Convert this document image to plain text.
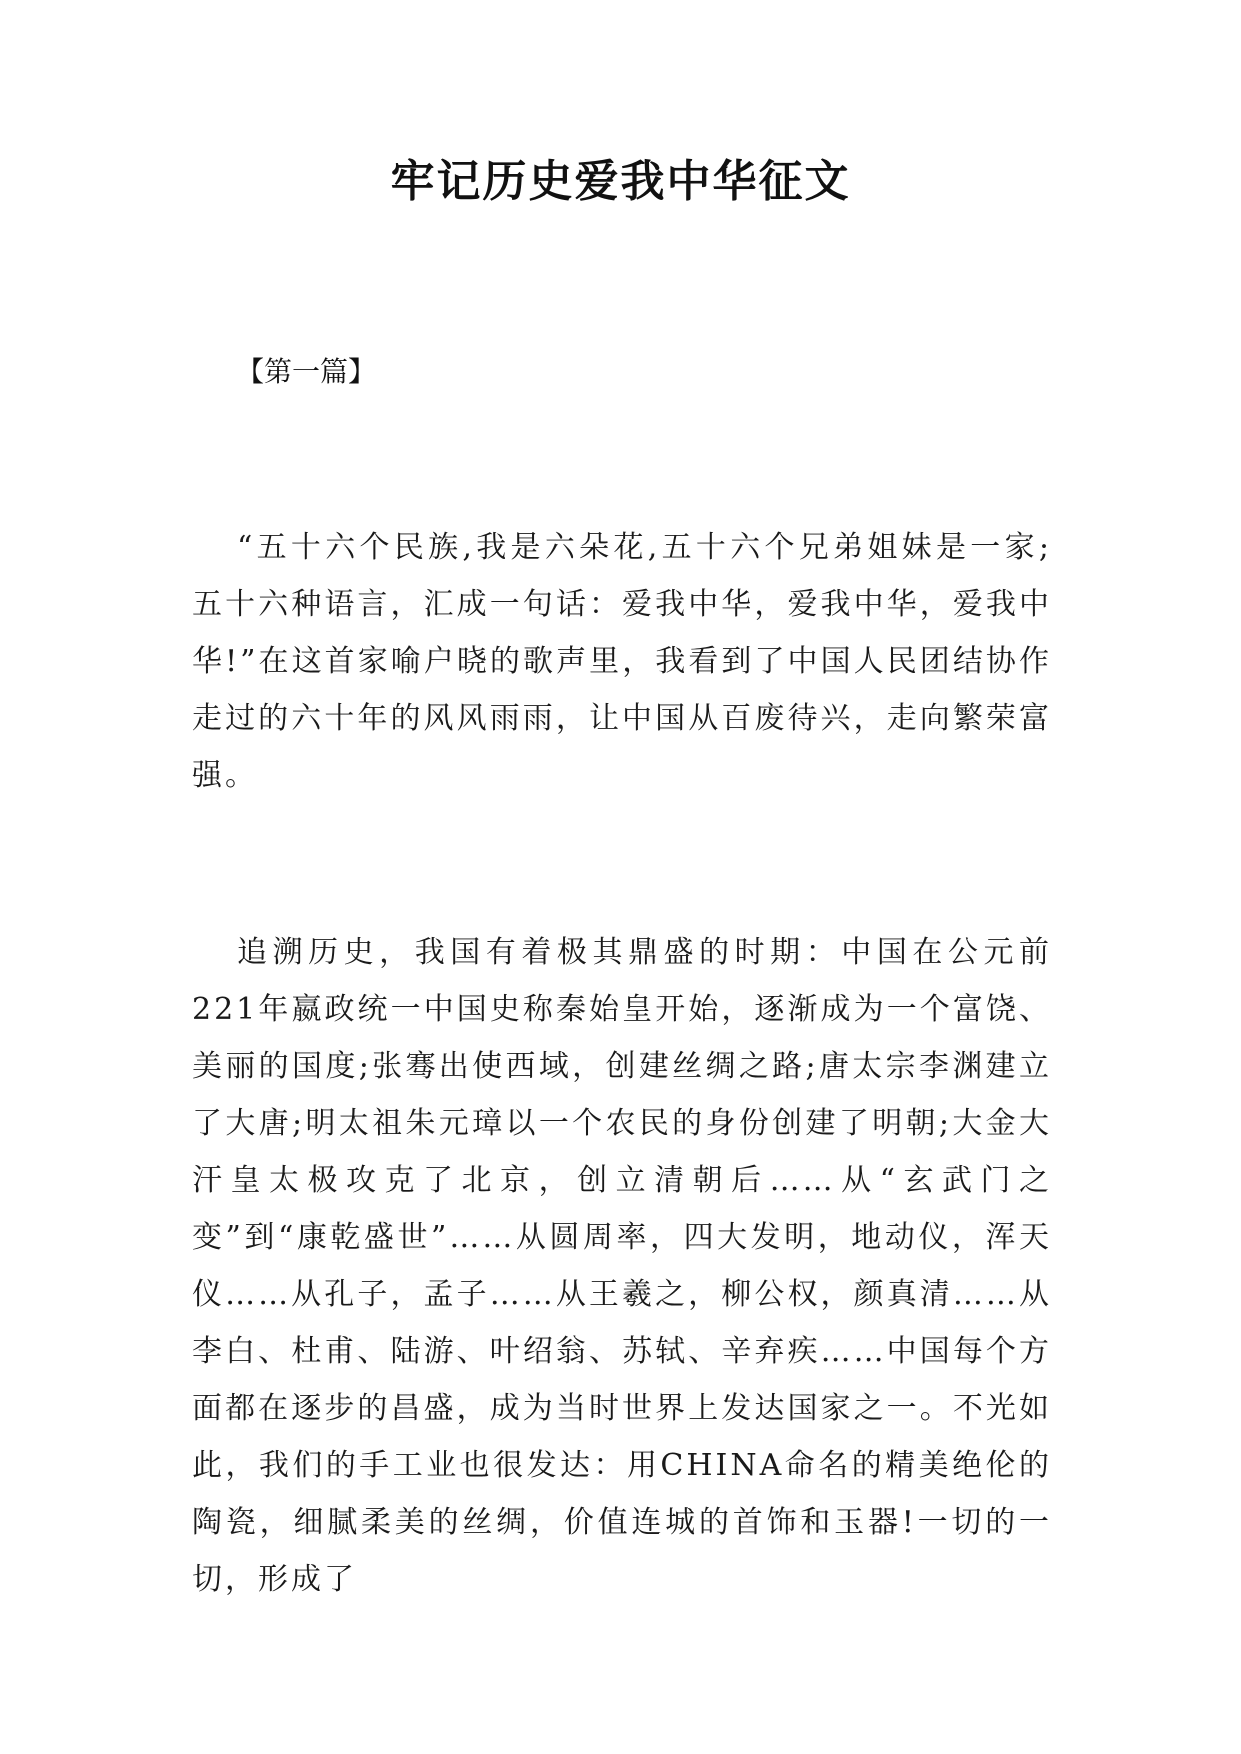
牢记历史爱我中华征文

【第一篇】

“五十六个民族,我是六朵花,五十六个兄弟姐妹是一家;五十六种语言，汇成一句话：爱我中华，爱我中华，爱我中华!”在这首家喻户晓的歌声里，我看到了中国人民团结协作走过的六十年的风风雨雨，让中国从百废待兴，走向繁荣富强。

追溯历史，我国有着极其鼎盛的时期：中国在公元前221年嬴政统一中国史称秦始皇开始，逐渐成为一个富饶、美丽的国度;张骞出使西域，创建丝绸之路;唐太宗李渊建立了大唐;明太祖朱元璋以一个农民的身份创建了明朝;大金大汗皇太极攻克了北京，创立清朝后……从“玄武门之变”到“康乾盛世”……从圆周率，四大发明，地动仪，浑天仪……从孔子，孟子……从王羲之，柳公权，颜真清……从李白、杜甫、陆游、叶绍翁、苏轼、辛弃疾……中国每个方面都在逐步的昌盛，成为当时世界上发达国家之一。不光如此，我们的手工业也很发达：用CHINA命名的精美绝伦的陶瓷，细腻柔美的丝绸，价值连城的首饰和玉器!一切的一切，形成了
